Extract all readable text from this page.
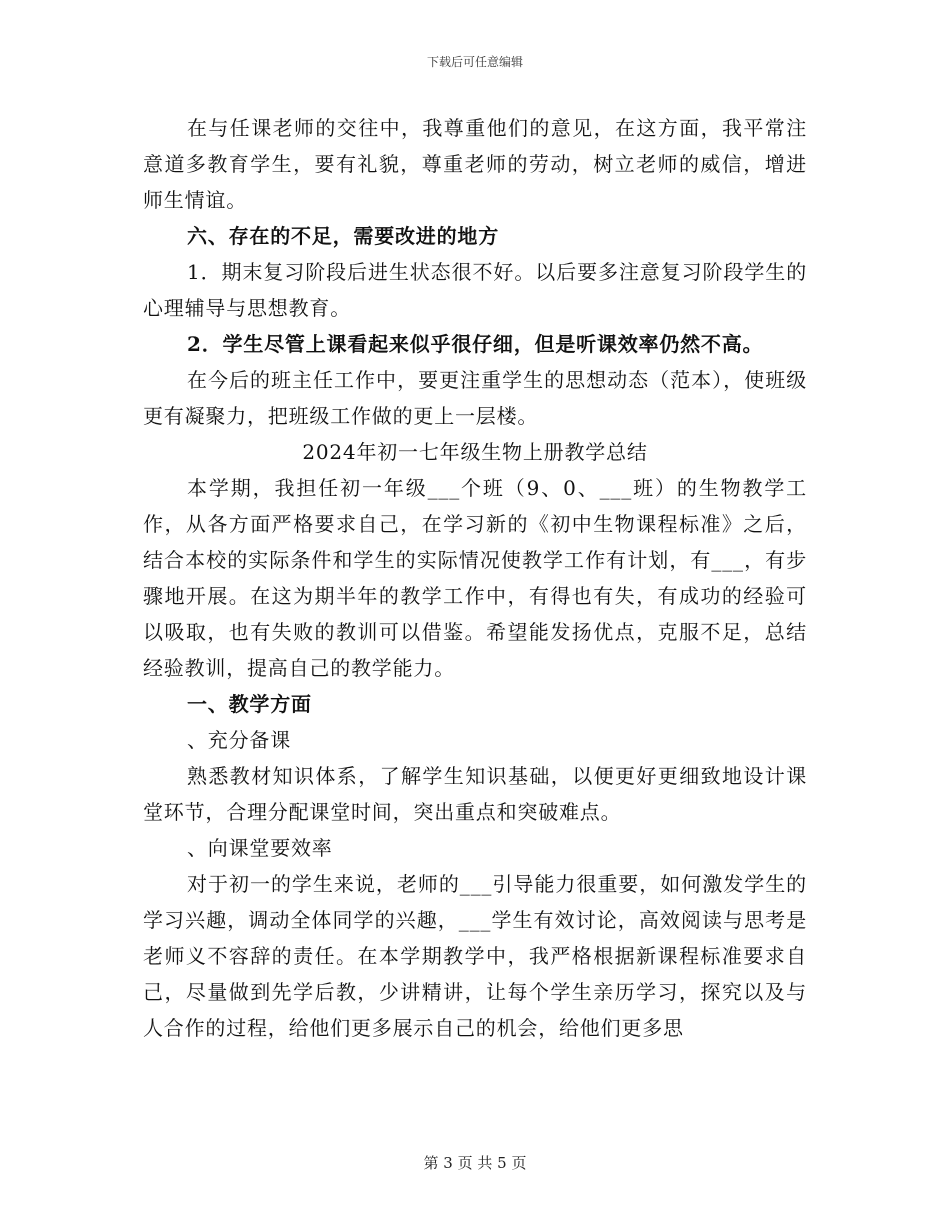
下载后可任意编辑

在与任课老师的交往中，我尊重他们的意见，在这方面，我平常注意道多教育学生，要有礼貌，尊重老师的劳动，树立老师的威信，增进师生情谊。

六、存在的不足，需要改进的地方

1．期末复习阶段后进生状态很不好。以后要多注意复习阶段学生的心理辅导与思想教育。

2．学生尽管上课看起来似乎很仔细，但是听课效率仍然不高。

在今后的班主任工作中，要更注重学生的思想动态（范本），使班级更有凝聚力，把班级工作做的更上一层楼。

2024年初一七年级生物上册教学总结

本学期，我担任初一年级___个班（9、0、___班）的生物教学工作，从各方面严格要求自己，在学习新的《初中生物课程标准》之后，结合本校的实际条件和学生的实际情况使教学工作有计划，有___，有步骤地开展。在这为期半年的教学工作中，有得也有失，有成功的经验可以吸取，也有失败的教训可以借鉴。希望能发扬优点，克服不足，总结经验教训，提高自己的教学能力。

一、教学方面

、充分备课

熟悉教材知识体系，了解学生知识基础，以便更好更细致地设计课堂环节，合理分配课堂时间，突出重点和突破难点。

、向课堂要效率

对于初一的学生来说，老师的___引导能力很重要，如何激发学生的学习兴趣，调动全体同学的兴趣，___学生有效讨论，高效阅读与思考是老师义不容辞的责任。在本学期教学中，我严格根据新课程标准要求自己，尽量做到先学后教，少讲精讲，让每个学生亲历学习，探究以及与人合作的过程，给他们更多展示自己的机会，给他们更多思

第 3 页 共 5 页
